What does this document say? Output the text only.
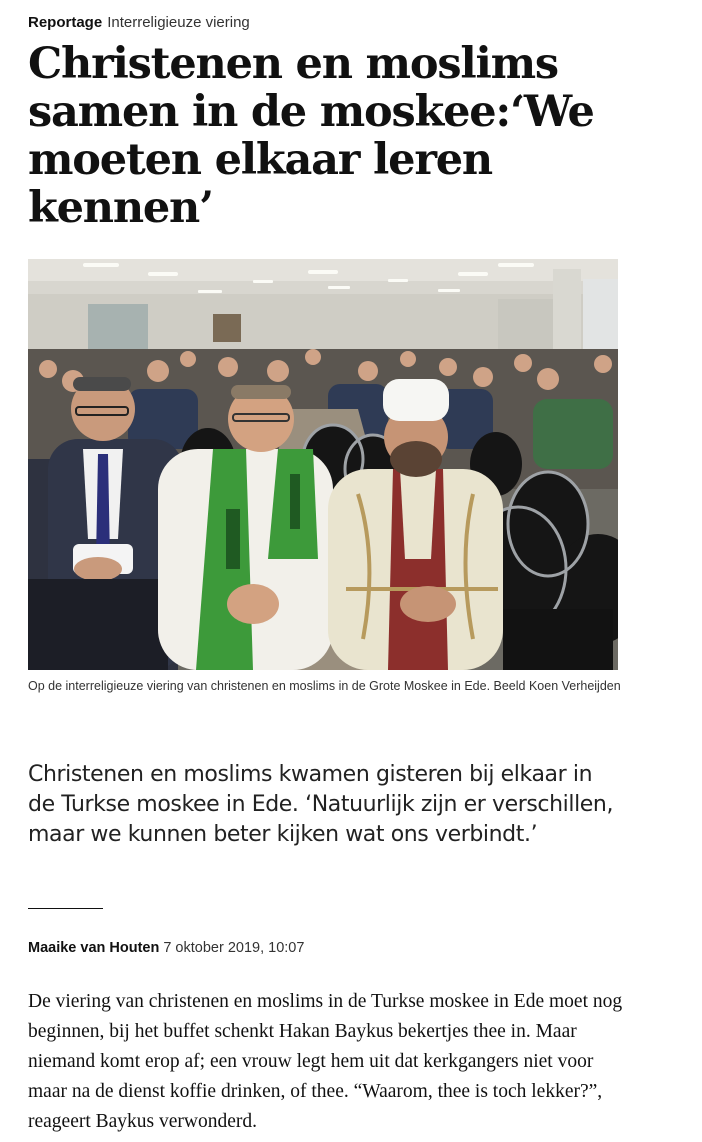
Reportage Interreligieuze viering
Christenen en moslims samen in de moskee:‘We moeten elkaar leren kennen’
Op de interreligieuze viering van christenen en moslims in de Grote Moskee in Ede. Beeld Koen Verheijden

Christenen en moslims kwamen gisteren bij elkaar in de Turkse moskee in Ede. ‘Natuurlijk zijn er verschillen, maar we kunnen beter kijken wat ons verbindt.’

Maaike van Houten 7 oktober 2019, 10:07

De viering van christenen en moslims in de Turkse moskee in Ede moet nog beginnen, bij het buffet schenkt Hakan Baykus bekertjes thee in. Maar niemand komt erop af; een vrouw legt hem uit dat kerkgangers niet voor maar na de dienst koffie drinken, of thee. “Waarom, thee is toch lekker?”, reageert Baykus verwonderd.
